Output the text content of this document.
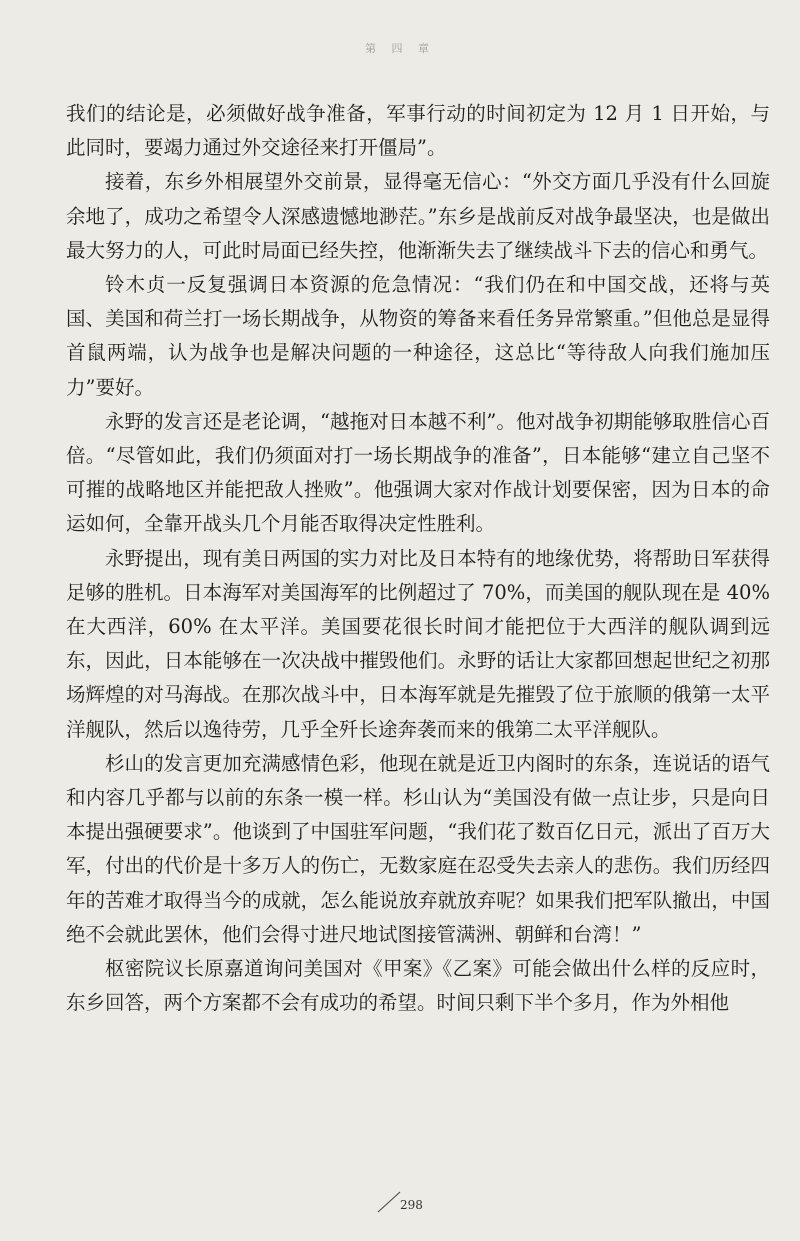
第 四 章

我们的结论是，必须做好战争准备，军事行动的时间初定为 12 月 1 日开始，与此同时，要竭力通过外交途径来打开僵局”。

接着，东乡外相展望外交前景，显得毫无信心：“外交方面几乎没有什么回旋余地了，成功之希望令人深感遗憾地渺茫。”东乡是战前反对战争最坚决，也是做出最大努力的人，可此时局面已经失控，他渐渐失去了继续战斗下去的信心和勇气。

铃木贞一反复强调日本资源的危急情况：“我们仍在和中国交战，还将与英国、美国和荷兰打一场长期战争，从物资的筹备来看任务异常繁重。”但他总是显得首鼠两端，认为战争也是解决问题的一种途径，这总比“等待敌人向我们施加压力”要好。

永野的发言还是老论调，“越拖对日本越不利”。他对战争初期能够取胜信心百倍。“尽管如此，我们仍须面对打一场长期战争的准备”，日本能够“建立自己坚不可摧的战略地区并能把敌人挫败”。他强调大家对作战计划要保密，因为日本的命运如何，全靠开战头几个月能否取得决定性胜利。

永野提出，现有美日两国的实力对比及日本特有的地缘优势，将帮助日军获得足够的胜机。日本海军对美国海军的比例超过了 70%，而美国的舰队现在是 40% 在大西洋，60% 在太平洋。美国要花很长时间才能把位于大西洋的舰队调到远东，因此，日本能够在一次决战中摧毁他们。永野的话让大家都回想起世纪之初那场辉煌的对马海战。在那次战斗中，日本海军就是先摧毁了位于旅顺的俄第一太平洋舰队，然后以逸待劳，几乎全歼长途奔袭而来的俄第二太平洋舰队。

杉山的发言更加充满感情色彩，他现在就是近卫内阁时的东条，连说话的语气和内容几乎都与以前的东条一模一样。杉山认为“美国没有做一点让步，只是向日本提出强硬要求”。他谈到了中国驻军问题，“我们花了数百亿日元，派出了百万大军，付出的代价是十多万人的伤亡，无数家庭在忍受失去亲人的悲伤。我们历经四年的苦难才取得当今的成就，怎么能说放弃就放弃呢？如果我们把军队撤出，中国绝不会就此罢休，他们会得寸进尺地试图接管满洲、朝鲜和台湾！”

枢密院议长原嘉道询问美国对《甲案》《乙案》可能会做出什么样的反应时，东乡回答，两个方案都不会有成功的希望。时间只剩下半个多月，作为外相他

298
